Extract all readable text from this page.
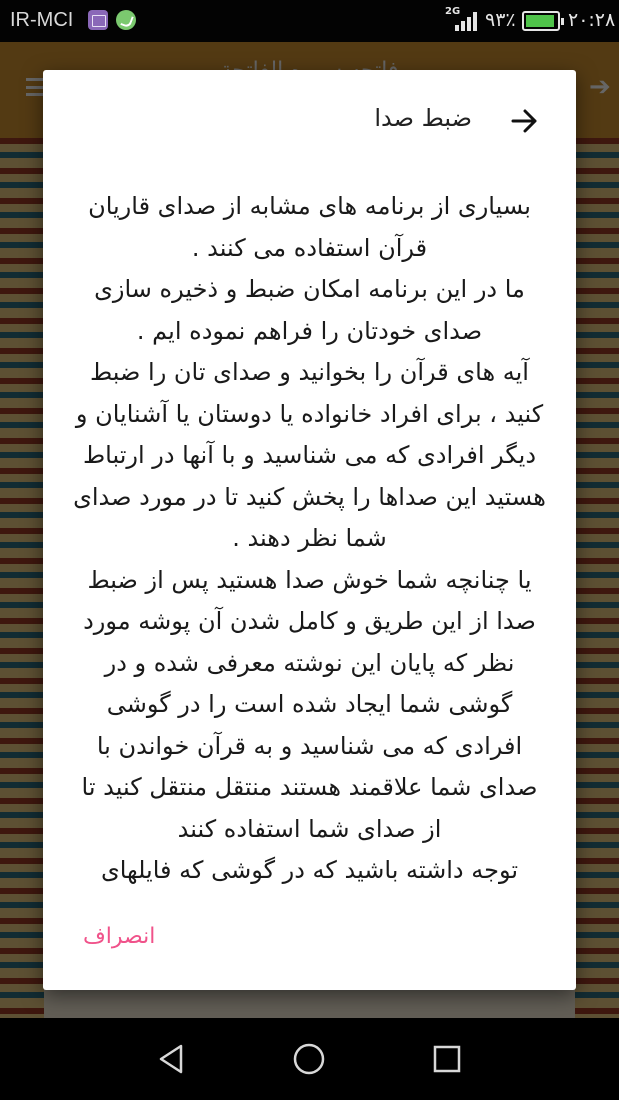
IR-MCI	2G ۹۳٪	۲۰:۲۸
ضبط صدا
بسیاری از برنامه های مشابه از صدای قاریان قرآن استفاده می کنند .
ما در این برنامه امکان ضبط و ذخیره سازی صدای خودتان را فراهم نموده ایم .
آیه های قرآن را بخوانید و صدای تان را ضبط کنید ، برای افراد خانواده یا دوستان یا آشنایان و دیگر افرادی که می شناسید و با آنها در ارتباط هستید این صداها را پخش کنید تا در مورد صدای شما نظر دهند .
یا چنانچه شما خوش صدا هستید پس از ضبط صدا از این طریق و کامل شدن آن پوشه مورد نظر که پایان این نوشته معرفی شده و در گوشی شما ایجاد شده است را در گوشی افرادی که می شناسید و به قرآن خواندن با صدای شما علاقمند هستند منتقل منتقل کنید تا از صدای شما استفاده کنند
توجه داشته باشید که در گوشی که فایلهای
انصراف
